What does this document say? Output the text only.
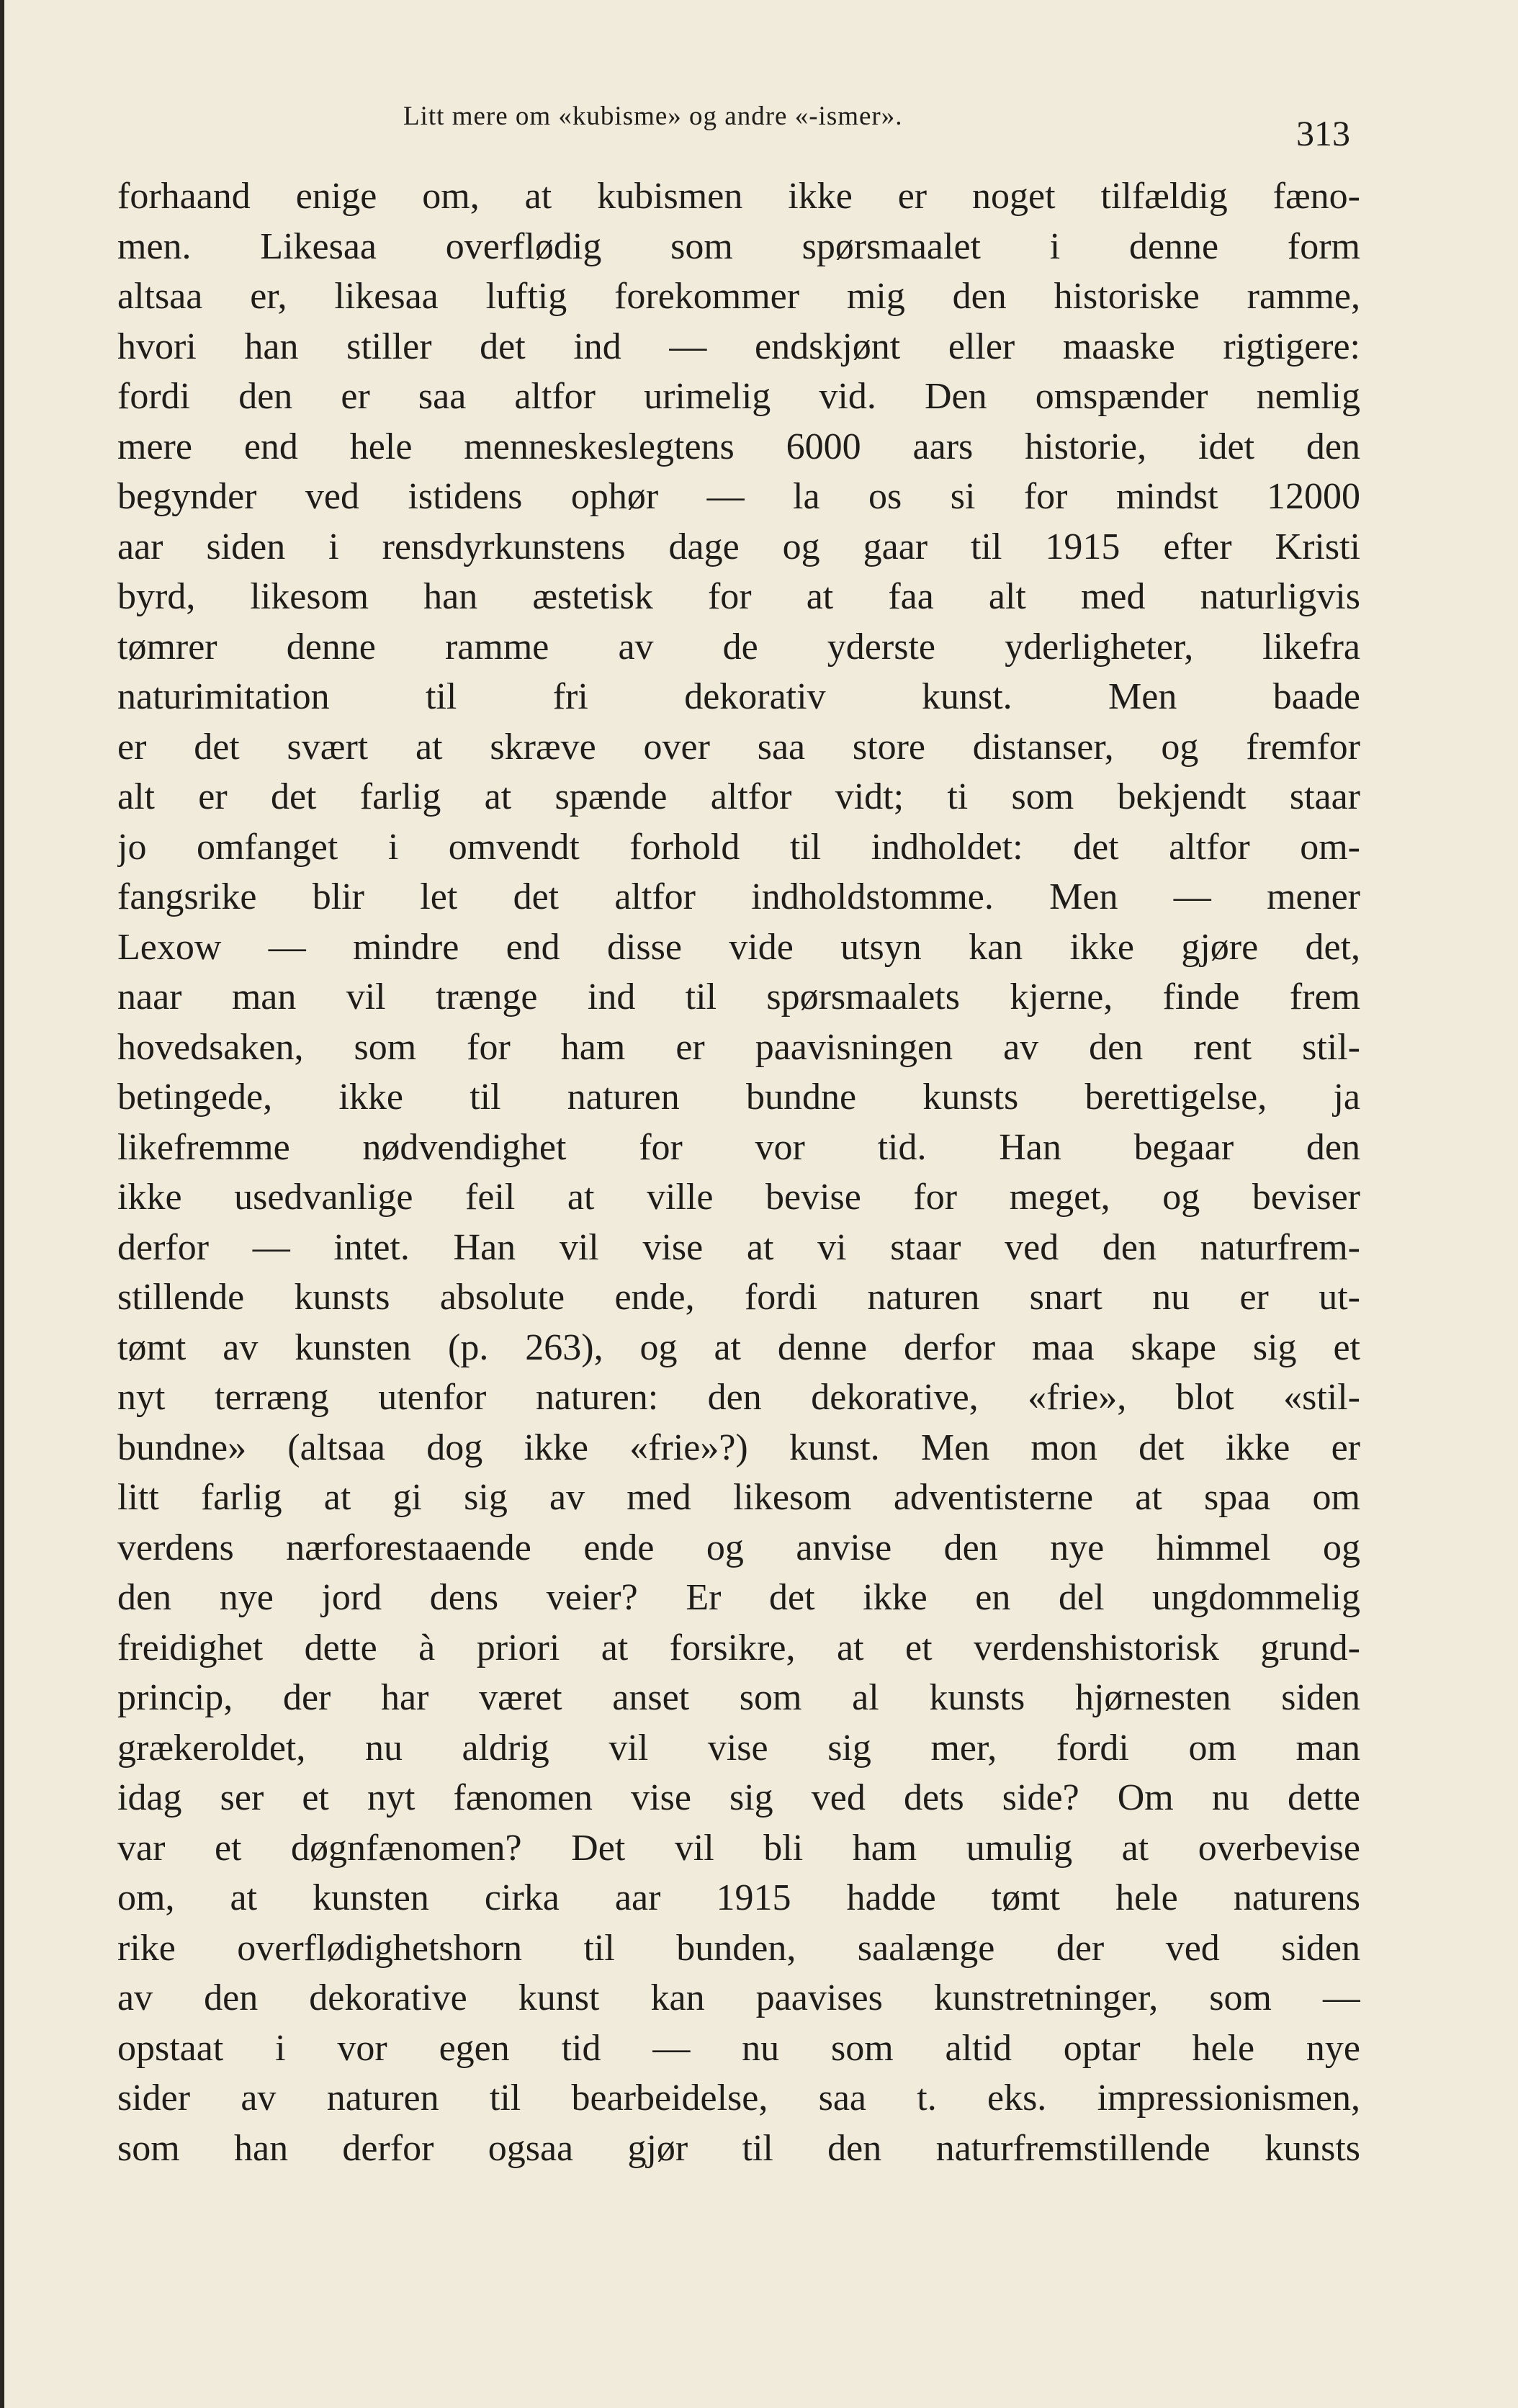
Litt mere om «kubisme» og andre «-ismer».	313
forhaand enige om, at kubismen ikke er noget tilfældig fæno-
men. Likesaa overflødig som spørsmaalet i denne form
altsaa er, likesaa luftig forekommer mig den historiske ramme,
hvori han stiller det ind — endskjønt eller maaske rigtigere:
fordi den er saa altfor urimelig vid. Den omspænder nemlig
mere end hele menneskeslegtens 6000 aars historie, idet den
begynder ved istidens ophør — la os si for mindst 12000
aar siden i rensdyrkunstens dage og gaar til 1915 efter Kristi
byrd, likesom han æstetisk for at faa alt med naturligvis
tømrer denne ramme av de yderste yderligheter, likefra
naturimitation til fri dekorativ kunst. Men baade
er det svært at skræve over saa store distanser, og fremfor
alt er det farlig at spænde altfor vidt; ti som bekjendt staar
jo omfanget i omvendt forhold til indholdet: det altfor om-
fangsrike blir let det altfor indholdstomme. Men — mener
Lexow — mindre end disse vide utsyn kan ikke gjøre det,
naar man vil trænge ind til spørsmaalets kjerne, finde frem
hovedsaken, som for ham er paavisningen av den rent stil-
betingede, ikke til naturen bundne kunsts berettigelse, ja
likefremme nødvendighet for vor tid. Han begaar den
ikke usedvanlige feil at ville bevise for meget, og beviser
derfor — intet. Han vil vise at vi staar ved den naturfrem-
stillende kunsts absolute ende, fordi naturen snart nu er ut-
tømt av kunsten (p. 263), og at denne derfor maa skape sig et
nyt terræng utenfor naturen: den dekorative, «frie», blot «stil-
bundne» (altsaa dog ikke «frie»?) kunst. Men mon det ikke er
litt farlig at gi sig av med likesom adventisterne at spaa om
verdens nærforestaaende ende og anvise den nye himmel og
den nye jord dens veier? Er det ikke en del ungdommelig
freidighet dette à priori at forsikre, at et verdenshistorisk grund-
princip, der har været anset som al kunsts hjørnesten siden
grækeroldet, nu aldrig vil vise sig mer, fordi om man
idag ser et nyt fænomen vise sig ved dets side? Om nu dette
var et døgnfænomen? Det vil bli ham umulig at overbevise
om, at kunsten cirka aar 1915 hadde tømt hele naturens
rike overflødighetshorn til bunden, saalænge der ved siden
av den dekorative kunst kan paavises kunstretninger, som —
opstaat i vor egen tid — nu som altid optar hele nye
sider av naturen til bearbeidelse, saa t. eks. impressionismen,
som han derfor ogsaa gjør til den naturfremstillende kunsts
